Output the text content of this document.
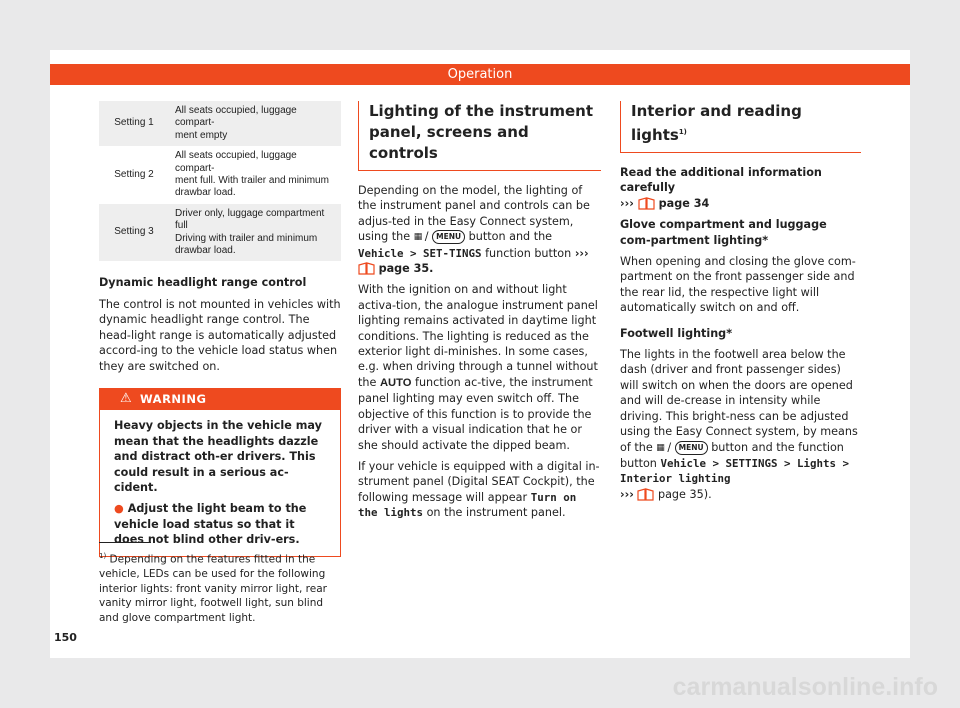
Operation
Setting 1	All seats occupied, luggage compart-
ment empty
Setting 2	All seats occupied, luggage compart-
ment full. With trailer and minimum
drawbar load.
Setting 3	Driver only, luggage compartment full
Driving with trailer and minimum
drawbar load.

Dynamic headlight range control

The control is not mounted in vehicles with dynamic headlight range control. The head-light range is automatically adjusted accord-ing to the vehicle load status when they are switched on.

⚠ WARNING

Heavy objects in the vehicle may mean that the headlights dazzle and distract oth-er drivers. This could result in a serious ac-cident.

● Adjust the light beam to the vehicle load status so that it does not blind other driv-ers.

$^{1)}$ Depending on the features fitted in the vehicle, LEDs can be used for the following interior lights: front vanity mirror light, rear vanity mirror light, footwell light, sun blind and glove compartment light.
150
Lighting of the instrument panel, screens and controls

Depending on the model, the lighting of the instrument panel and controls can be adjus-ted in the Easy Connect system, using the ▦ / MENU button and the Vehicle > SET-TINGS function button ›››  page 35.

With the ignition on and without light activa-tion, the analogue instrument panel lighting remains activated in daytime light conditions. The lighting is reduced as the exterior light di-minishes. In some cases, e.g. when driving through a tunnel without the AUTO function ac-tive, the instrument panel lighting may even switch off. The objective of this function is to provide the driver with a visual indication that he or she should activate the dipped beam.

If your vehicle is equipped with a digital in-strument panel (Digital SEAT Cockpit), the following message will appear Turn on the lights on the instrument panel.

Interior and reading lights$^{1)}$

Read the additional information carefully
››› page 34

Glove compartment and luggage com-partment lighting*

When opening and closing the glove com-partment on the front passenger side and the rear lid, the respective light will automatically switch on and off.

Footwell lighting*

The lights in the footwell area below the dash (driver and front passenger sides) will switch on when the doors are opened and will de-crease in intensity while driving. This bright-ness can be adjusted using the Easy Connect system, by means of the ▦ / MENU button and the function button Vehicle > SETTINGS > Lights > Interior lighting
››› page 35).

carmanualsonline.info
